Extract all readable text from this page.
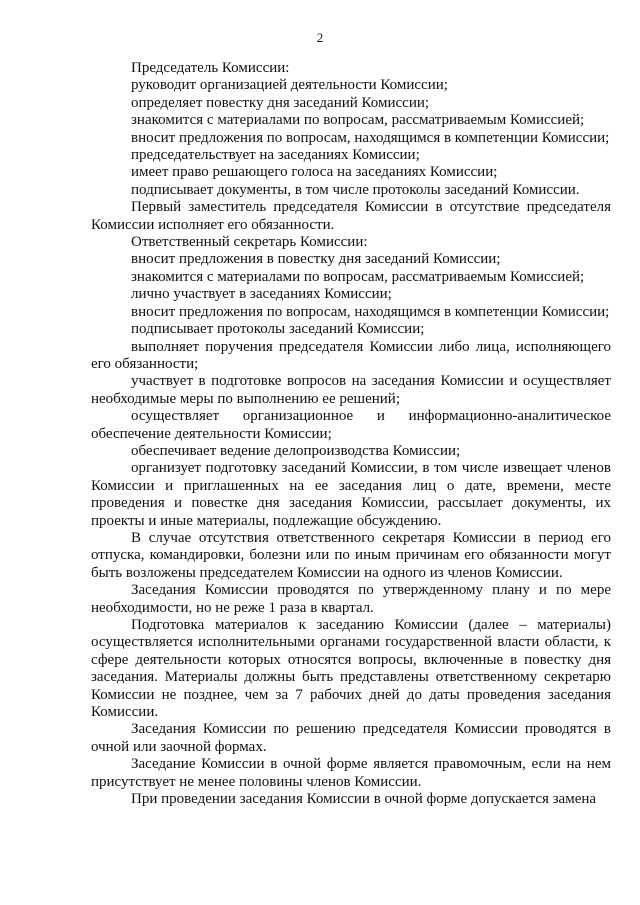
2

Председатель Комиссии:

руководит организацией деятельности Комиссии;

определяет повестку дня заседаний Комиссии;

знакомится с материалами по вопросам, рассматриваемым Комиссией;

вносит предложения по вопросам, находящимся в компетенции Комиссии;

председательствует на заседаниях Комиссии;

имеет право решающего голоса на заседаниях Комиссии;

подписывает документы, в том числе протоколы заседаний Комиссии.

Первый заместитель председателя Комиссии в отсутствие председателя Комиссии исполняет его обязанности.

Ответственный секретарь Комиссии:

вносит предложения в повестку дня заседаний Комиссии;

знакомится с материалами по вопросам, рассматриваемым Комиссией;

лично участвует в заседаниях Комиссии;

вносит предложения по вопросам, находящимся в компетенции Комиссии;

подписывает протоколы заседаний Комиссии;

выполняет поручения председателя Комиссии либо лица, исполняющего его обязанности;

участвует в подготовке вопросов на заседания Комиссии и осуществляет необходимые меры по выполнению ее решений;

осуществляет организационное и информационно-аналитическое обеспечение деятельности Комиссии;

обеспечивает ведение делопроизводства Комиссии;

организует подготовку заседаний Комиссии, в том числе извещает членов Комиссии и приглашенных на ее заседания лиц о дате, времени, месте проведения и повестке дня заседания Комиссии, рассылает документы, их проекты и иные материалы, подлежащие обсуждению.

В случае отсутствия ответственного секретаря Комиссии в период его отпуска, командировки, болезни или по иным причинам его обязанности могут быть возложены председателем Комиссии на одного из членов Комиссии.

Заседания Комиссии проводятся по утвержденному плану и по мере необходимости, но не реже 1 раза в квартал.

Подготовка материалов к заседанию Комиссии (далее – материалы) осуществляется исполнительными органами государственной власти области, к сфере деятельности которых относятся вопросы, включенные в повестку дня заседания. Материалы должны быть представлены ответственному секретарю Комиссии не позднее, чем за 7 рабочих дней до даты проведения заседания Комиссии.

Заседания Комиссии по решению председателя Комиссии проводятся в очной или заочной формах.

Заседание Комиссии в очной форме является правомочным, если на нем присутствует не менее половины членов Комиссии.

При проведении заседания Комиссии в очной форме допускается замена
